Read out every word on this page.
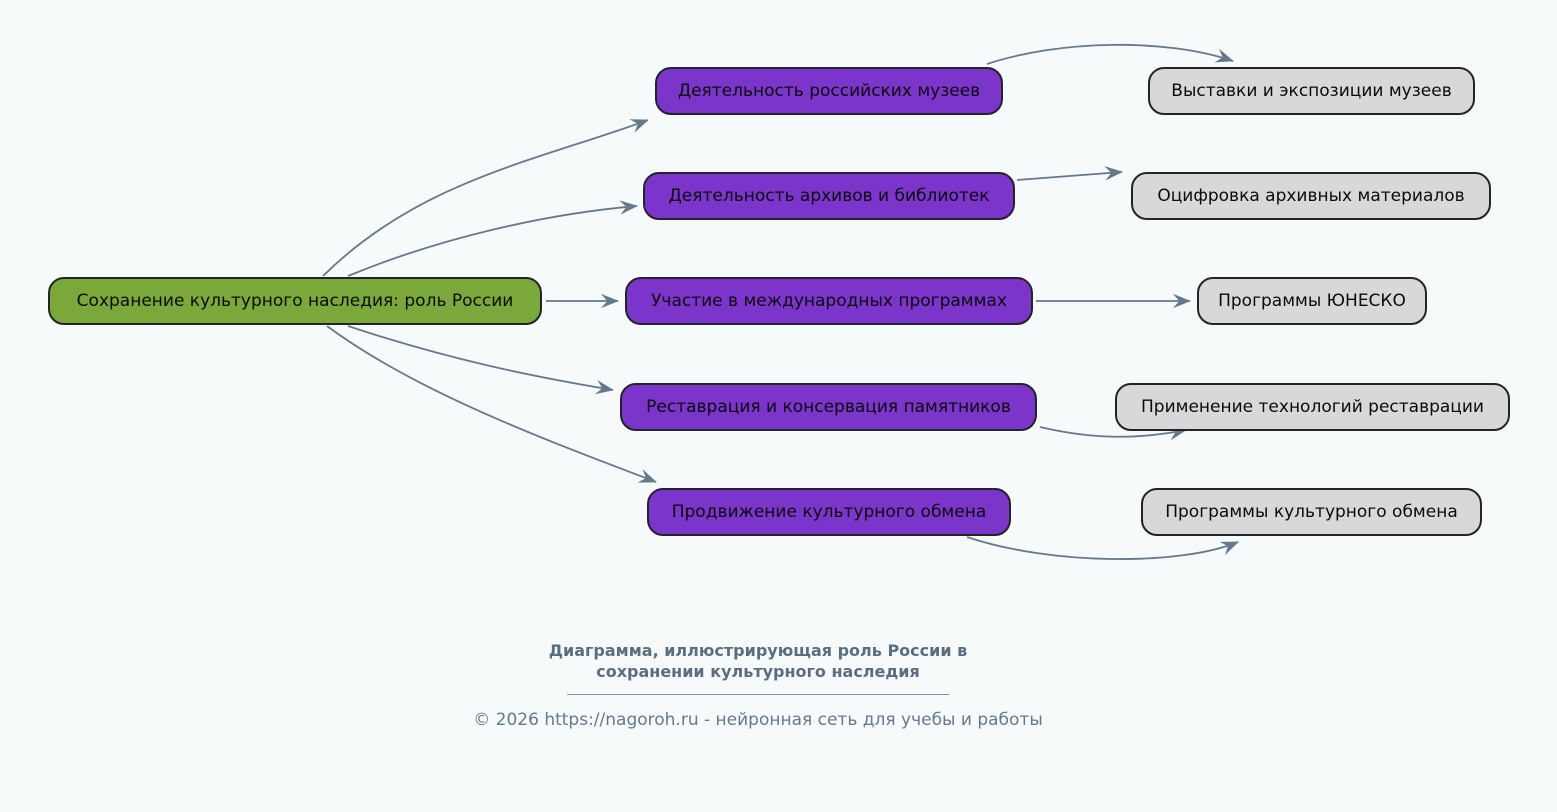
Сохранение культурного наследия: роль России
Деятельность российских музеев
Деятельность архивов и библиотек
Участие в международных программах
Реставрация и консервация памятников
Продвижение культурного обмена
Выставки и экспозиции музеев
Оцифровка архивных материалов
Программы ЮНЕСКО
Применение технологий реставрации
Программы культурного обмена
Диаграмма, иллюстрирующая роль России в
сохранении культурного наследия
© 2026 https://nagoroh.ru - нейронная сеть для учебы и работы
